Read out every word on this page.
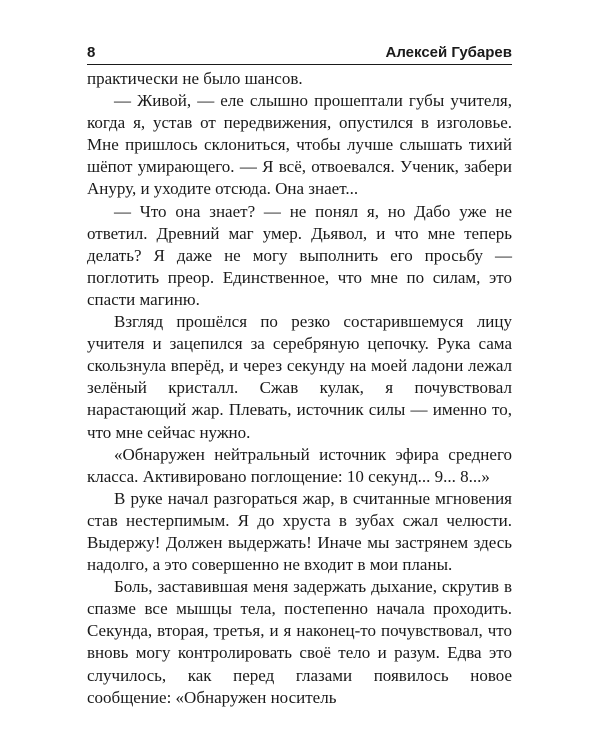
8	Алексей Губарев

практически не было шансов.

— Живой, — еле слышно прошептали губы учителя, когда я, устав от передвижения, опустился в изголовье. Мне пришлось склониться, чтобы лучше слышать тихий шёпот умирающего. — Я всё, отвоевался. Ученик, забери Ануру, и уходите отсюда. Она знает...

— Что она знает? — не понял я, но Дабо уже не ответил. Древний маг умер. Дьявол, и что мне теперь делать? Я даже не могу выполнить его просьбу — поглотить преор. Единственное, что мне по силам, это спасти магиню.

Взгляд прошёлся по резко состарившемуся лицу учителя и зацепился за серебряную цепочку. Рука сама скользнула вперёд, и через секунду на моей ладони лежал зелёный кристалл. Сжав кулак, я почувствовал нарастающий жар. Плевать, источник силы — именно то, что мне сейчас нужно.

«Обнаружен нейтральный источник эфира среднего класса. Активировано поглощение: 10 секунд... 9... 8...»

В руке начал разгораться жар, в считанные мгновения став нестерпимым. Я до хруста в зубах сжал челюсти. Выдержу! Должен выдержать! Иначе мы застрянем здесь надолго, а это совершенно не входит в мои планы.

Боль, заставившая меня задержать дыхание, скрутив в спазме все мышцы тела, постепенно начала проходить. Секунда, вторая, третья, и я наконец-то почувствовал, что вновь могу контролировать своё тело и разум. Едва это случилось, как перед глазами появилось новое сообщение: «Обнаружен носитель
